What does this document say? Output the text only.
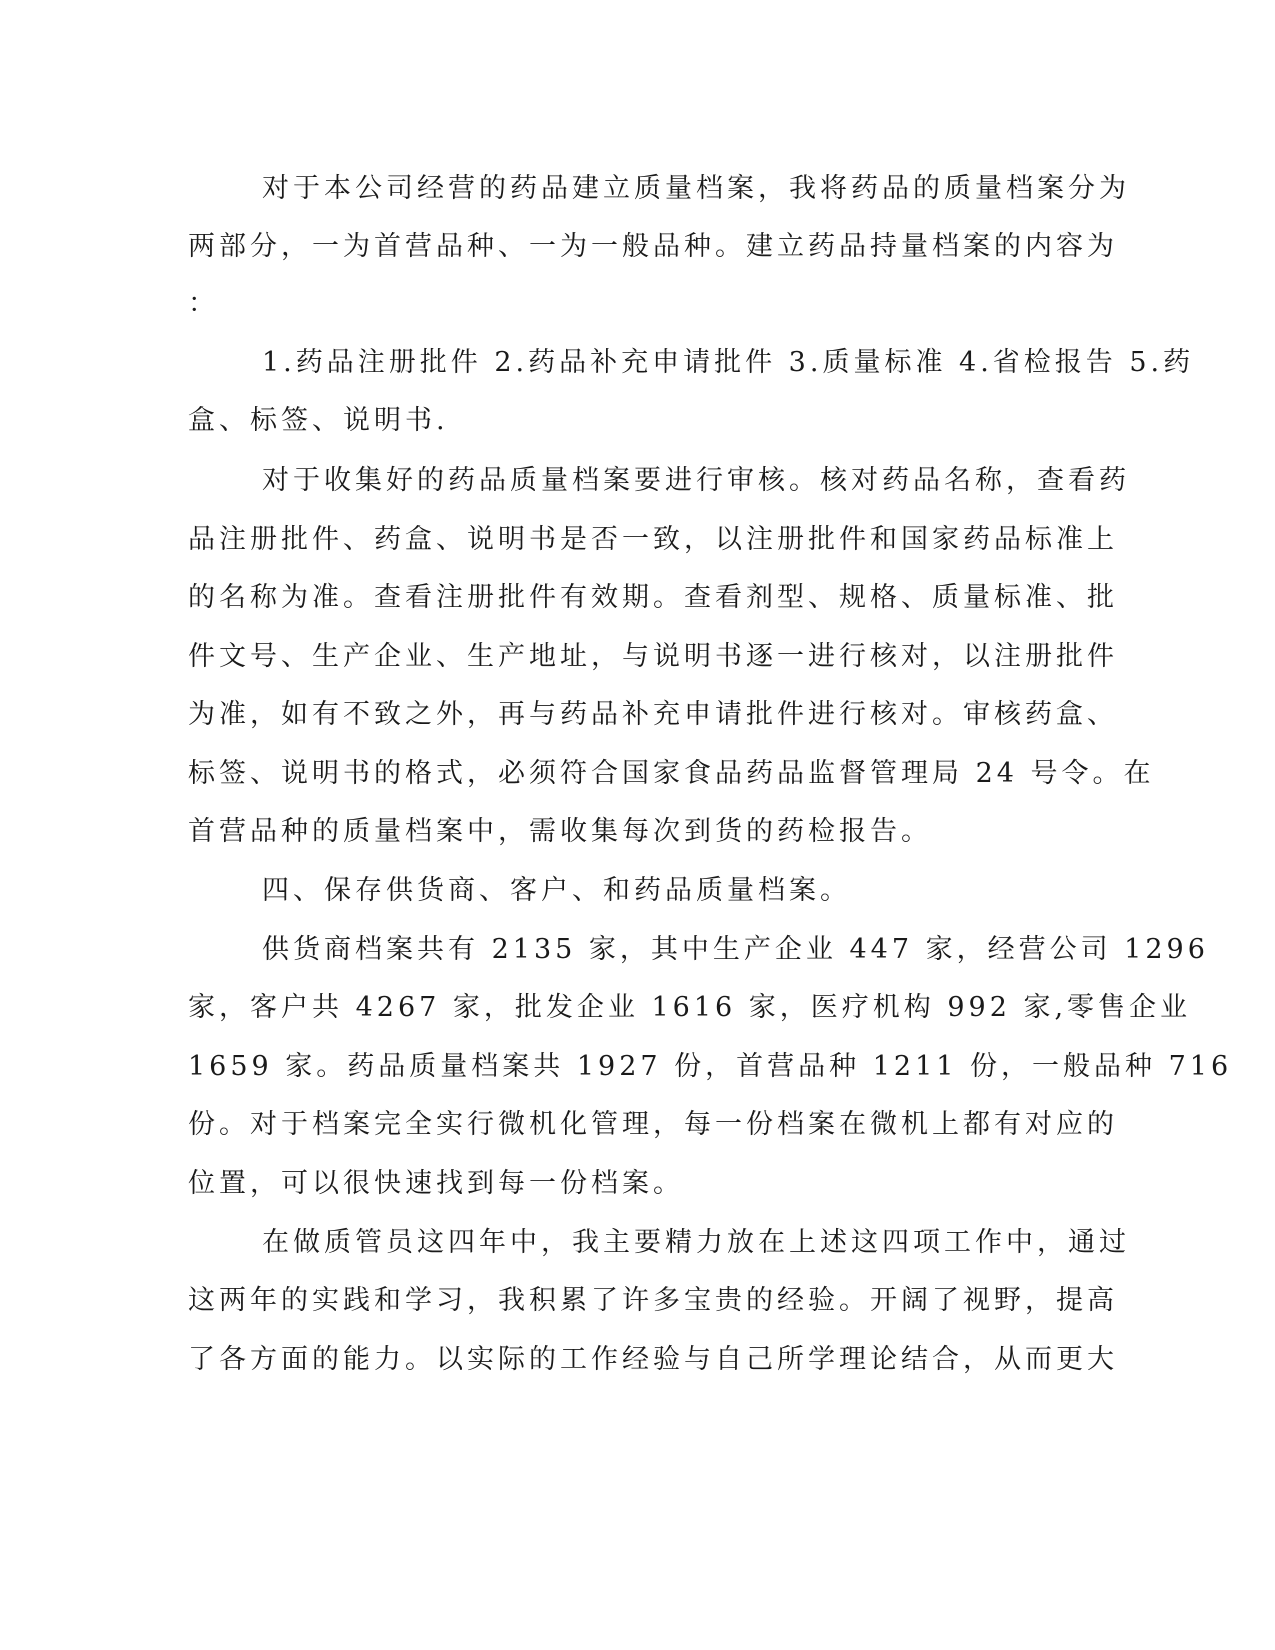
对于本公司经营的药品建立质量档案，我将药品的质量档案分为
两部分，一为首营品种、一为一般品种。建立药品持量档案的内容为
：
1.药品注册批件 2.药品补充申请批件 3.质量标准 4.省检报告 5.药
盒、标签、说明书.
对于收集好的药品质量档案要进行审核。核对药品名称，查看药
品注册批件、药盒、说明书是否一致，以注册批件和国家药品标准上
的名称为准。查看注册批件有效期。查看剂型、规格、质量标准、批
件文号、生产企业、生产地址，与说明书逐一进行核对，以注册批件
为准，如有不致之外，再与药品补充申请批件进行核对。审核药盒、
标签、说明书的格式，必须符合国家食品药品监督管理局 24 号令。在
首营品种的质量档案中，需收集每次到货的药检报告。
四、保存供货商、客户、和药品质量档案。
供货商档案共有 2135 家，其中生产企业 447 家，经营公司 1296
家，客户共 4267 家，批发企业 1616 家，医疗机构 992 家,零售企业
1659 家。药品质量档案共 1927 份，首营品种 1211 份，一般品种 716
份。对于档案完全实行微机化管理，每一份档案在微机上都有对应的
位置，可以很快速找到每一份档案。
在做质管员这四年中，我主要精力放在上述这四项工作中，通过
这两年的实践和学习，我积累了许多宝贵的经验。开阔了视野，提高
了各方面的能力。以实际的工作经验与自己所学理论结合，从而更大
